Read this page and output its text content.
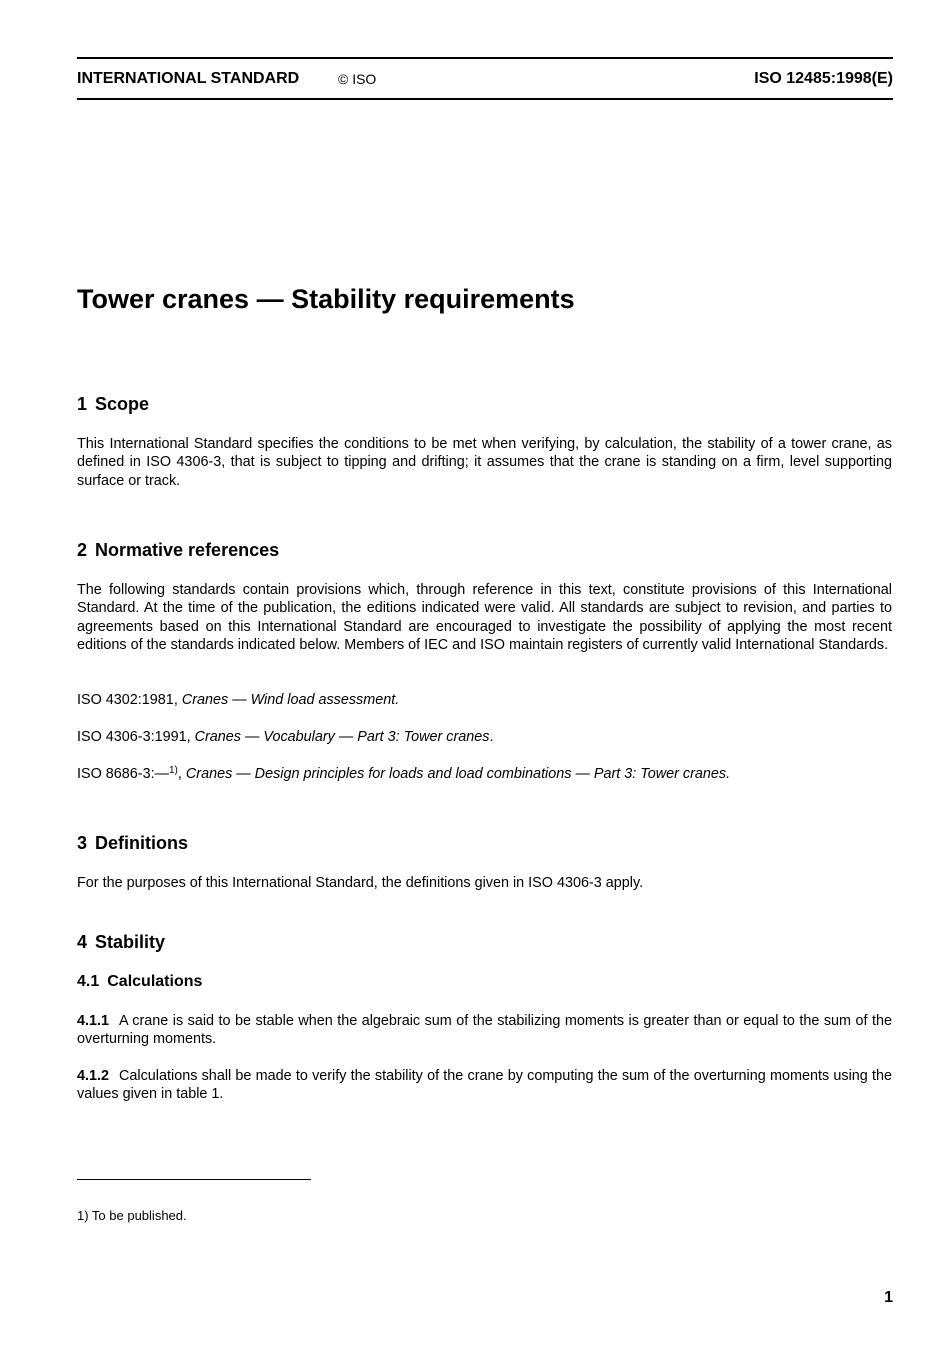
INTERNATIONAL STANDARD	© ISO	ISO 12485:1998(E)
Tower cranes — Stability requirements
1 Scope

This International Standard specifies the conditions to be met when verifying, by calculation, the stability of a tower crane, as defined in ISO 4306-3, that is subject to tipping and drifting; it assumes that the crane is standing on a firm, level supporting surface or track.

2 Normative references

The following standards contain provisions which, through reference in this text, constitute provisions of this International Standard. At the time of the publication, the editions indicated were valid. All standards are subject to revision, and parties to agreements based on this International Standard are encouraged to investigate the possibility of applying the most recent editions of the standards indicated below. Members of IEC and ISO maintain registers of currently valid International Standards.

ISO 4302:1981, Cranes — Wind load assessment.

ISO 4306-3:1991, Cranes — Vocabulary — Part 3: Tower cranes.

ISO 8686-3:—$^{1)}$, Cranes — Design principles for loads and load combinations — Part 3: Tower cranes.

3 Definitions

For the purposes of this International Standard, the definitions given in ISO 4306-3 apply.

4 Stability
4.1 Calculations

4.1.1 A crane is said to be stable when the algebraic sum of the stabilizing moments is greater than or equal to the sum of the overturning moments.

4.1.2 Calculations shall be made to verify the stability of the crane by computing the sum of the overturning moments using the values given in table 1.

1) To be published.

1
